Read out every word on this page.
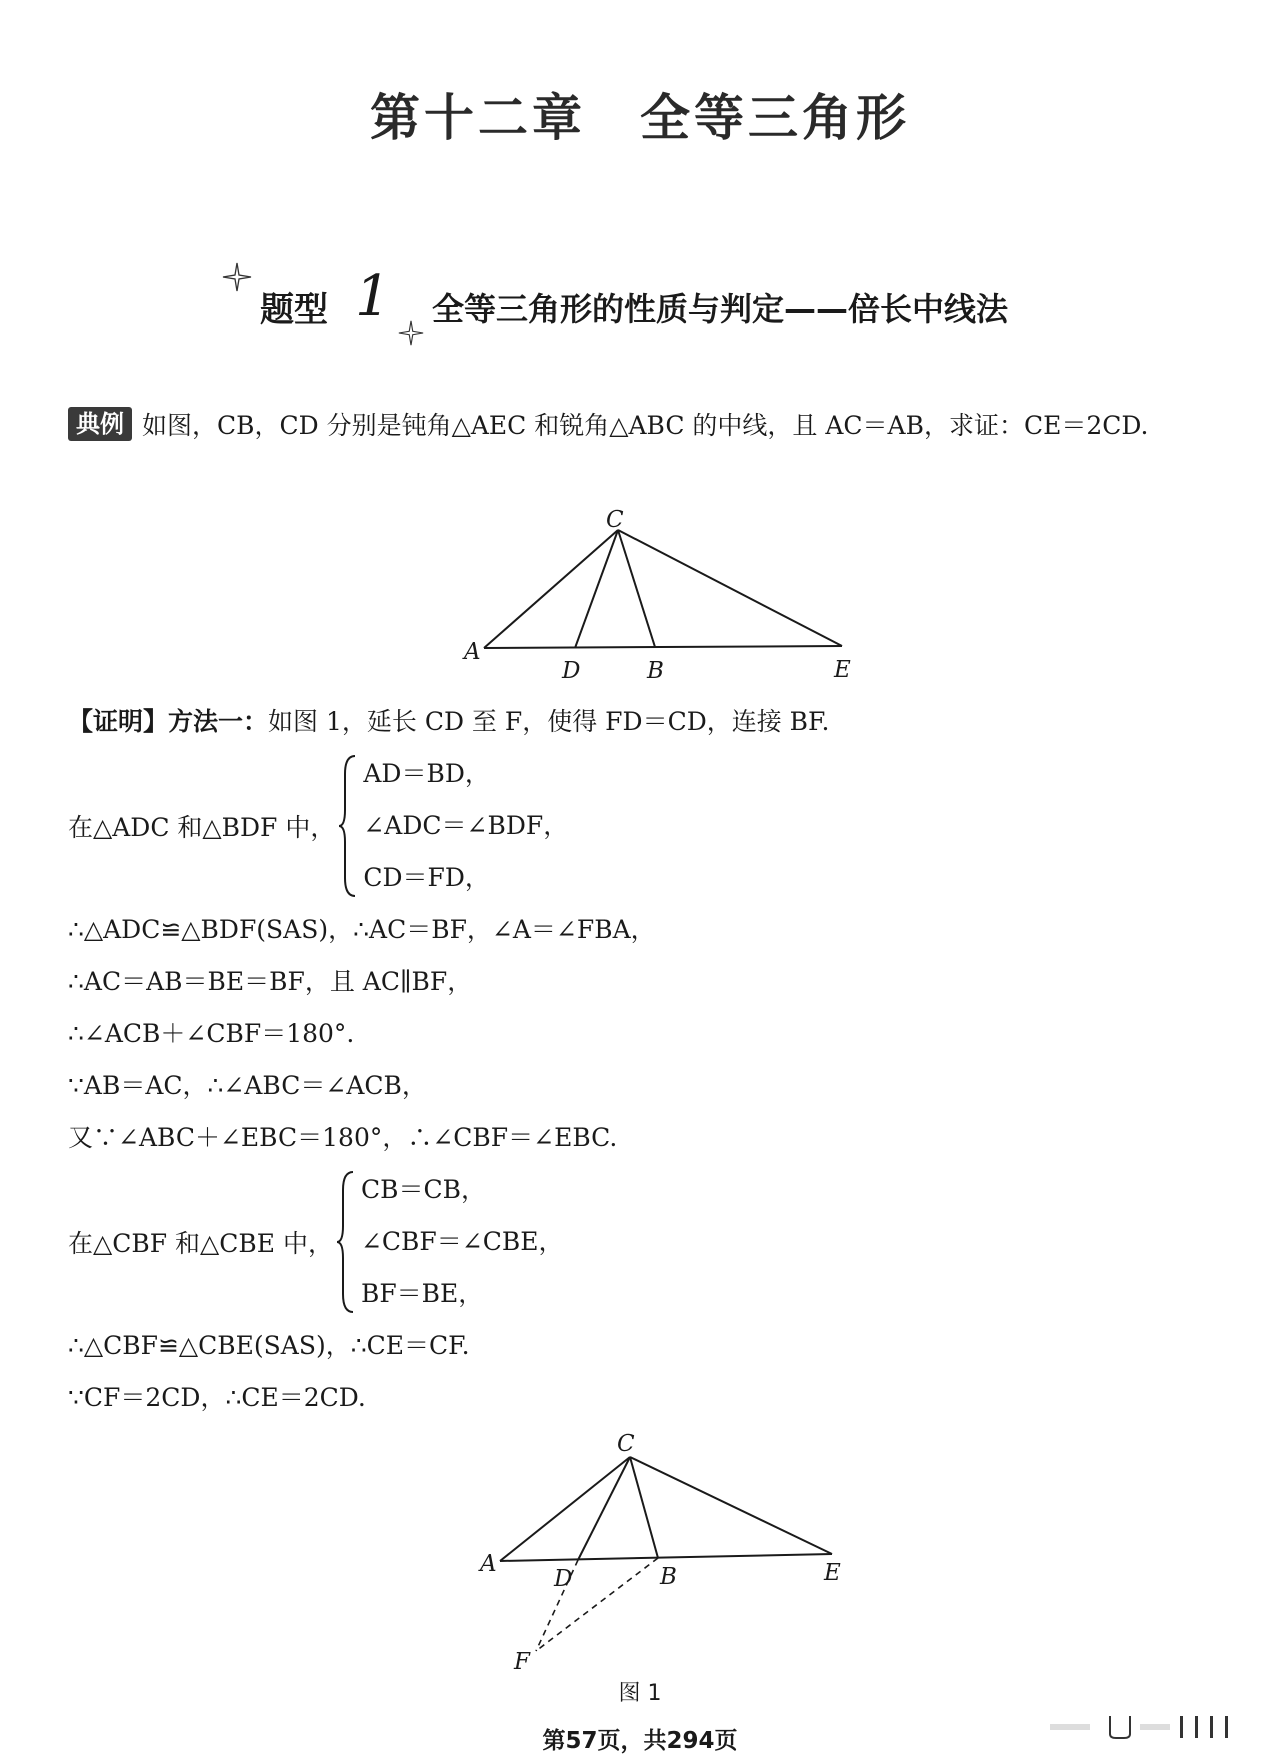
第十二章　全等三角形
题型 1 全等三角形的性质与判定——倍长中线法
典例 如图，CB，CD 分别是钝角△AEC 和锐角△ABC 的中线，且 AC＝AB，求证：CE＝2CD.
C
A
D	B	E
【证明】方法一：如图 1，延长 CD 至 F，使得 FD＝CD，连接 BF.
在△ADC 和△BDF 中，
AD＝BD，
∠ADC＝∠BDF，
CD＝FD，
∴△ADC≌△BDF(SAS)，∴AC＝BF，∠A＝∠FBA，
∴AC＝AB＝BE＝BF，且 AC∥BF，
∴∠ACB＋∠CBF＝180°.
∵AB＝AC，∴∠ABC＝∠ACB，
又∵∠ABC＋∠EBC＝180°，∴∠CBF＝∠EBC.
在△CBF 和△CBE 中，
CB＝CB，
∠CBF＝∠CBE，
BF＝BE，
∴△CBF≌△CBE(SAS)，∴CE＝CF.
∵CF＝2CD，∴CE＝2CD.
C
A
D	B	E
F
图 1
第57页，共294页
